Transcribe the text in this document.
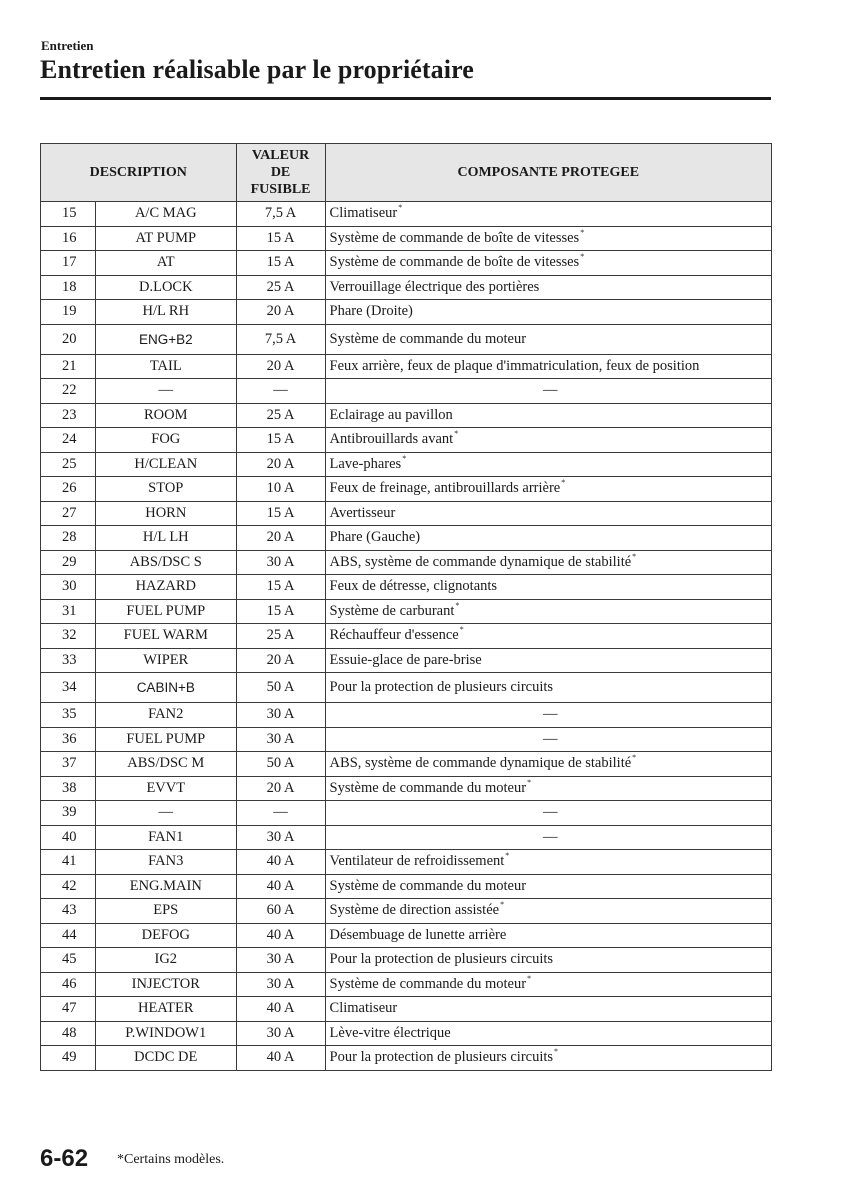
Entretien
Entretien réalisable par le propriétaire
DESCRIPTION		VALEUR
DE
FUSIBLE	COMPOSANTE PROTEGEE
15	A/C MAG	7,5 A	Climatiseur*
16	AT PUMP	15 A	Système de commande de boîte de vitesses*
17	AT	15 A	Système de commande de boîte de vitesses*
18	D.LOCK	25 A	Verrouillage électrique des portières
19	H/L RH	20 A	Phare (Droite)
20	ENG+B2	7,5 A	Système de commande du moteur
21	TAIL	20 A	Feux arrière, feux de plaque d'immatriculation, feux de position
22	—	—	—
23	ROOM	25 A	Eclairage au pavillon
24	FOG	15 A	Antibrouillards avant*
25	H/CLEAN	20 A	Lave-phares*
26	STOP	10 A	Feux de freinage, antibrouillards arrière*
27	HORN	15 A	Avertisseur
28	H/L LH	20 A	Phare (Gauche)
29	ABS/DSC S	30 A	ABS, système de commande dynamique de stabilité*
30	HAZARD	15 A	Feux de détresse, clignotants
31	FUEL PUMP	15 A	Système de carburant*
32	FUEL WARM	25 A	Réchauffeur d'essence*
33	WIPER	20 A	Essuie-glace de pare-brise
34	CABIN+B	50 A	Pour la protection de plusieurs circuits
35	FAN2	30 A	—
36	FUEL PUMP	30 A	—
37	ABS/DSC M	50 A	ABS, système de commande dynamique de stabilité*
38	EVVT	20 A	Système de commande du moteur*
39	—	—	—
40	FAN1	30 A	—
41	FAN3	40 A	Ventilateur de refroidissement*
42	ENG.MAIN	40 A	Système de commande du moteur
43	EPS	60 A	Système de direction assistée*
44	DEFOG	40 A	Désembuage de lunette arrière
45	IG2	30 A	Pour la protection de plusieurs circuits
46	INJECTOR	30 A	Système de commande du moteur*
47	HEATER	40 A	Climatiseur
48	P.WINDOW1	30 A	Lève-vitre électrique
49	DCDC DE	40 A	Pour la protection de plusieurs circuits*
6-62 *Certains modèles.
